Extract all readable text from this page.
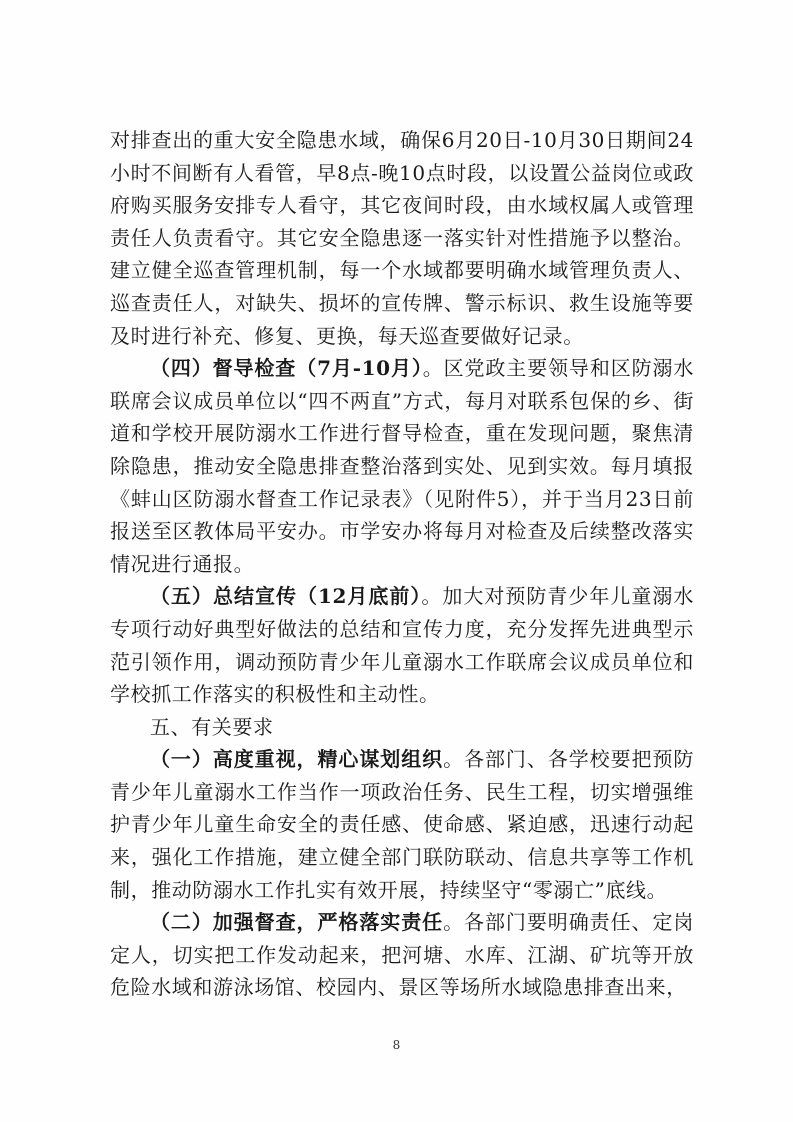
对排查出的重大安全隐患水域，确保6月20日-10月30日期间24小时不间断有人看管，早8点-晚10点时段，以设置公益岗位或政府购买服务安排专人看守，其它夜间时段，由水域权属人或管理责任人负责看守。其它安全隐患逐一落实针对性措施予以整治。建立健全巡查管理机制，每一个水域都要明确水域管理负责人、巡查责任人，对缺失、损坏的宣传牌、警示标识、救生设施等要及时进行补充、修复、更换，每天巡查要做好记录。

（四）督导检查（7月-10月）。区党政主要领导和区防溺水联席会议成员单位以“四不两直”方式，每月对联系包保的乡、街道和学校开展防溺水工作进行督导检查，重在发现问题，聚焦清除隐患，推动安全隐患排查整治落到实处、见到实效。每月填报《蚌山区防溺水督查工作记录表》（见附件5），并于当月23日前报送至区教体局平安办。市学安办将每月对检查及后续整改落实情况进行通报。

（五）总结宣传（12月底前）。加大对预防青少年儿童溺水专项行动好典型好做法的总结和宣传力度，充分发挥先进典型示范引领作用，调动预防青少年儿童溺水工作联席会议成员单位和学校抓工作落实的积极性和主动性。

五、有关要求

（一）高度重视，精心谋划组织。各部门、各学校要把预防青少年儿童溺水工作当作一项政治任务、民生工程，切实增强维护青少年儿童生命安全的责任感、使命感、紧迫感，迅速行动起来，强化工作措施，建立健全部门联防联动、信息共享等工作机制，推动防溺水工作扎实有效开展，持续坚守“零溺亡”底线。

（二）加强督查，严格落实责任。各部门要明确责任、定岗定人，切实把工作发动起来，把河塘、水库、江湖、矿坑等开放危险水域和游泳场馆、校园内、景区等场所水域隐患排查出来，

8
